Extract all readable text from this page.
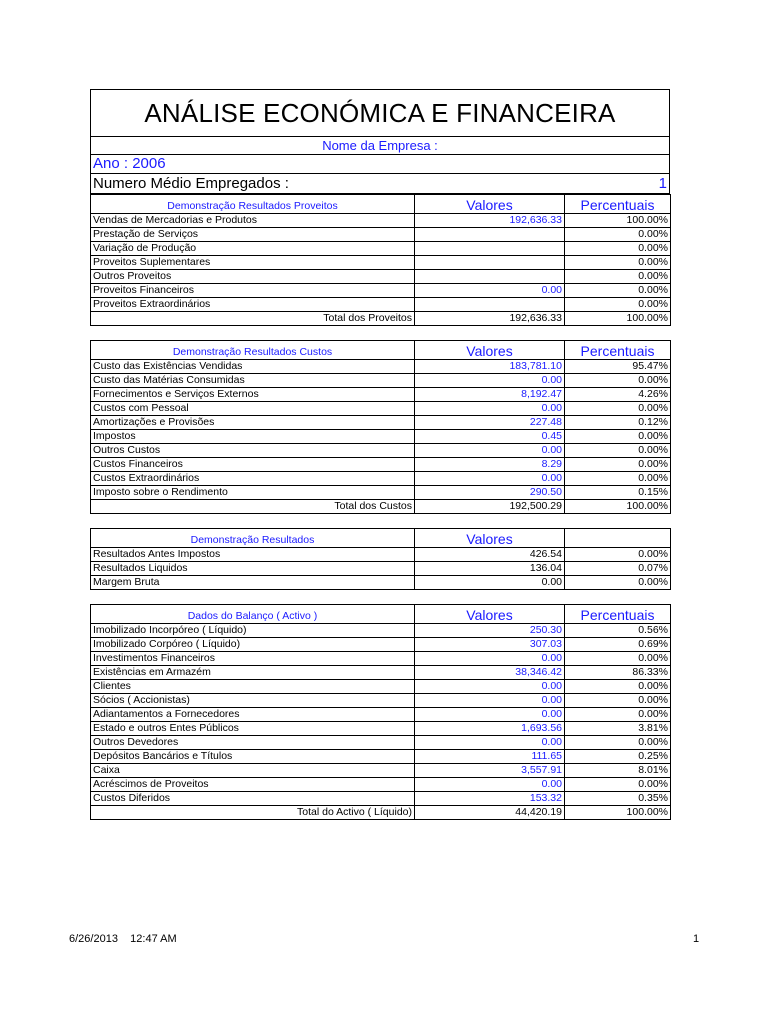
ANÁLISE ECONÓMICA E FINANCEIRA
Nome da Empresa :
Ano : 2006
Numero Médio Empregados :	1
Demonstração Resultados Proveitos	Valores	Percentuais
Vendas de Mercadorias e Produtos	192,636.33	100.00%
Prestação de Serviços		0.00%
Variação de Produção		0.00%
Proveitos Suplementares		0.00%
Outros Proveitos		0.00%
Proveitos Financeiros	0.00	0.00%
Proveitos Extraordinários		0.00%
Total dos Proveitos	192,636.33	100.00%
Demonstração Resultados Custos	Valores	Percentuais
Custo das Existências Vendidas	183,781.10	95.47%
Custo das Matérias Consumidas	0.00	0.00%
Fornecimentos e Serviços Externos	8,192.47	4.26%
Custos com Pessoal	0.00	0.00%
Amortizações e Provisões	227.48	0.12%
Impostos	0.45	0.00%
Outros Custos	0.00	0.00%
Custos Financeiros	8.29	0.00%
Custos Extraordinários	0.00	0.00%
Imposto sobre o Rendimento	290.50	0.15%
Total dos Custos	192,500.29	100.00%
Demonstração Resultados	Valores	
Resultados Antes Impostos	426.54	0.00%
Resultados Liquidos	136.04	0.07%
Margem Bruta	0.00	0.00%
Dados do Balanço ( Activo )	Valores	Percentuais
Imobilizado Incorpóreo ( Líquido)	250.30	0.56%
Imobilizado Corpóreo ( Líquido)	307.03	0.69%
Investimentos Financeiros	0.00	0.00%
Existências em Armazém	38,346.42	86.33%
Clientes	0.00	0.00%
Sócios ( Accionistas)	0.00	0.00%
Adiantamentos a Fornecedores	0.00	0.00%
Estado e outros Entes Públicos	1,693.56	3.81%
Outros Devedores	0.00	0.00%
Depósitos Bancários e Títulos	111.65	0.25%
Caixa	3,557.91	8.01%
Acréscimos de Proveitos	0.00	0.00%
Custos Diferidos	153.32	0.35%
Total do Activo ( Líquido)	44,420.19	100.00%
6/26/2013    12:47 AM	1
